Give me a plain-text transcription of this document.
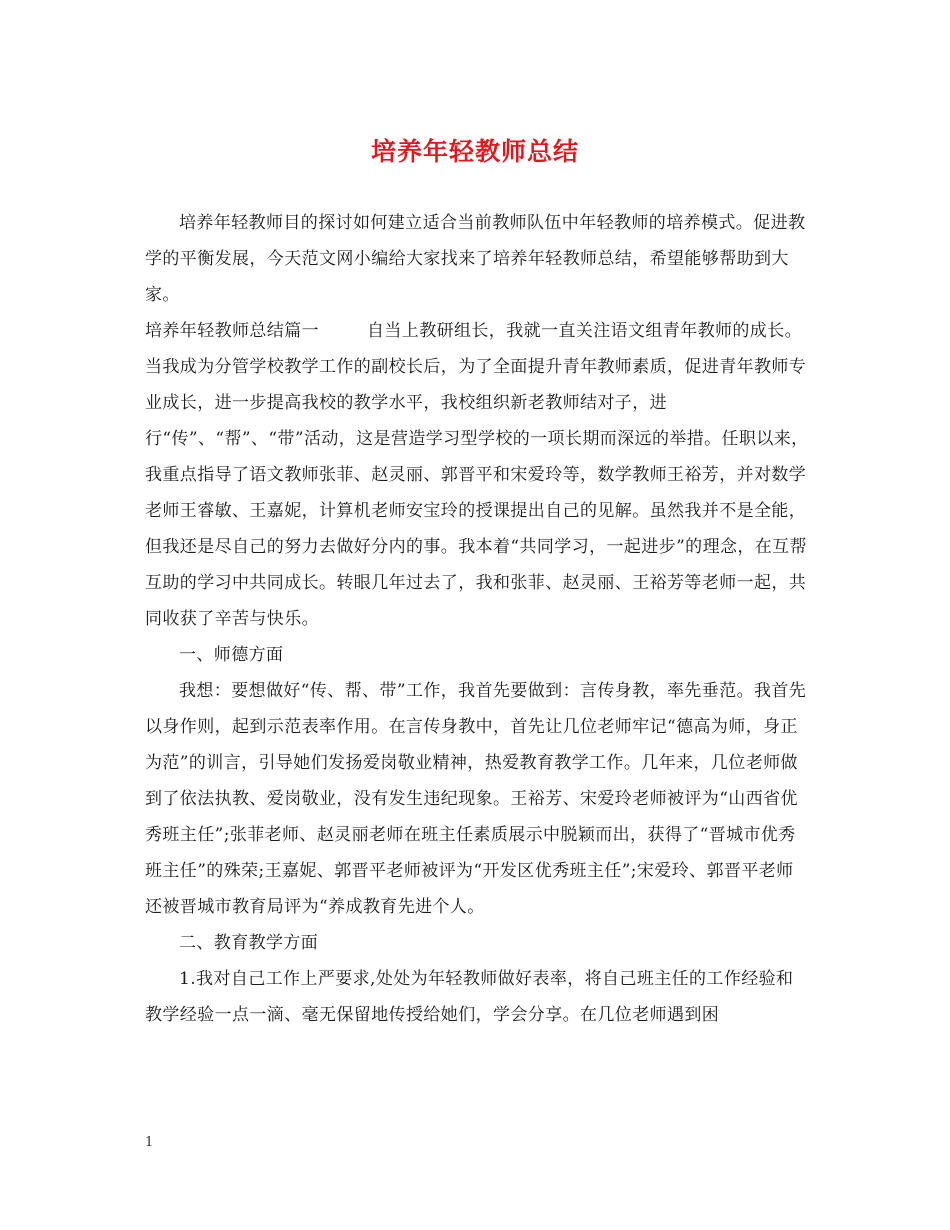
培养年轻教师总结

培养年轻教师目的探讨如何建立适合当前教师队伍中年轻教师的培养模式。促进教学的平衡发展，今天范文网小编给大家找来了培养年轻教师总结，希望能够帮助到大家。

培养年轻教师总结篇一	自当上教研组长，我就一直关注语文组青年教师的成长。当我成为分管学校教学工作的副校长后，为了全面提升青年教师素质，促进青年教师专业成长，进一步提高我校的教学水平，我校组织新老教师结对子，进行“传”、“帮”、“带”活动，这是营造学习型学校的一项长期而深远的举措。任职以来，我重点指导了语文教师张菲、赵灵丽、郭晋平和宋爱玲等，数学教师王裕芳，并对数学老师王睿敏、王嘉妮，计算机老师安宝玲的授课提出自己的见解。虽然我并不是全能，但我还是尽自己的努力去做好分内的事。我本着“共同学习，一起进步”的理念，在互帮互助的学习中共同成长。转眼几年过去了，我和张菲、赵灵丽、王裕芳等老师一起，共同收获了辛苦与快乐。

一、师德方面

我想：要想做好“传、帮、带”工作，我首先要做到：言传身教，率先垂范。我首先以身作则，起到示范表率作用。在言传身教中，首先让几位老师牢记“德高为师，身正为范”的训言，引导她们发扬爱岗敬业精神，热爱教育教学工作。几年来，几位老师做到了依法执教、爱岗敬业，没有发生违纪现象。王裕芳、宋爱玲老师被评为“山西省优秀班主任”;张菲老师、赵灵丽老师在班主任素质展示中脱颖而出，获得了“晋城市优秀班主任”的殊荣;王嘉妮、郭晋平老师被评为“开发区优秀班主任”;宋爱玲、郭晋平老师还被晋城市教育局评为“养成教育先进个人。

二、教育教学方面

1.我对自己工作上严要求,处处为年轻教师做好表率，将自己班主任的工作经验和教学经验一点一滴、毫无保留地传授给她们，学会分享。在几位老师遇到困

1
